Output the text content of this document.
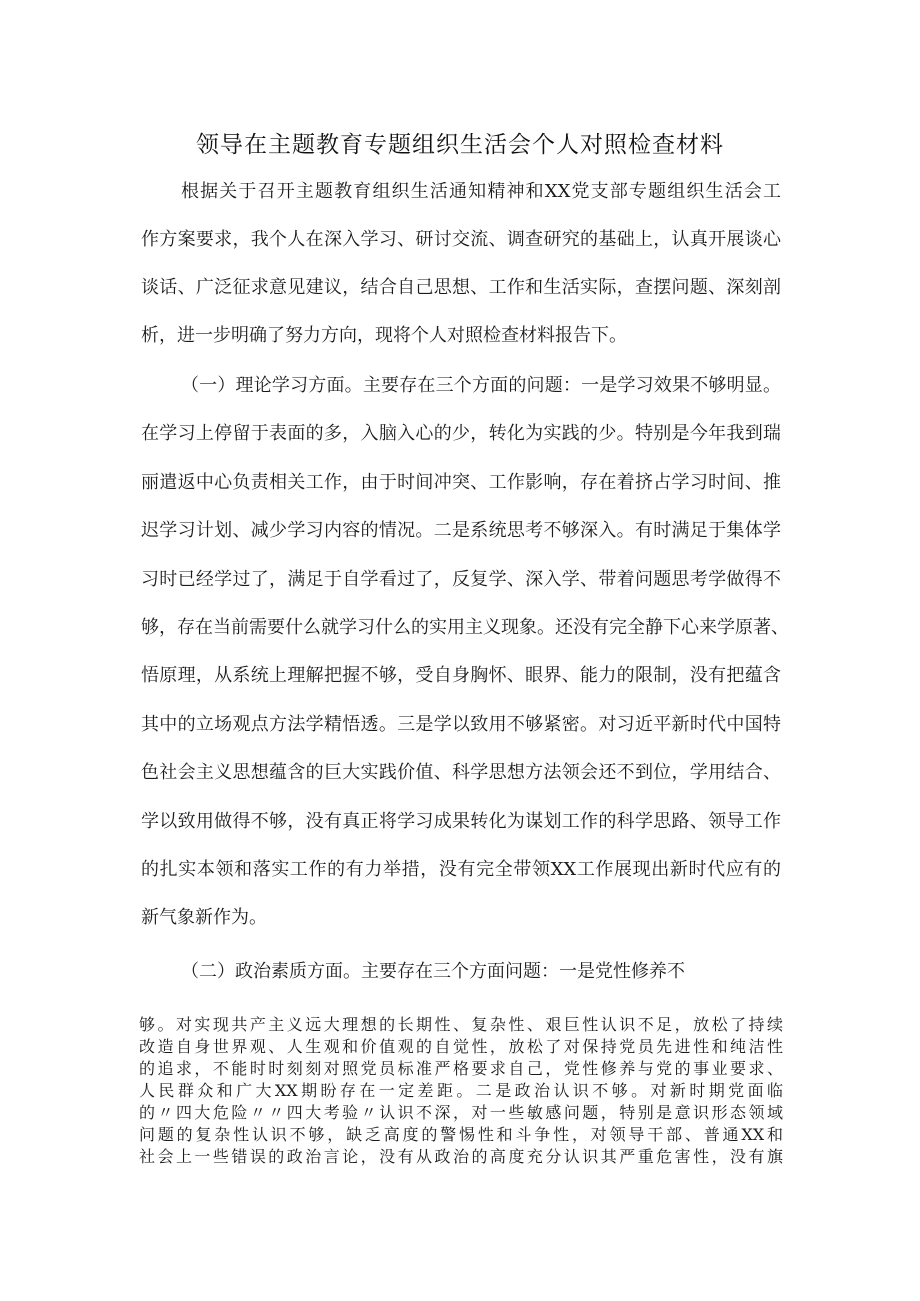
领导在主题教育专题组织生活会个人对照检查材料
根据关于召开主题教育组织生活通知精神和XX党支部专题组织生活会工
作方案要求，我个人在深入学习、研讨交流、调查研究的基础上，认真开展谈心
谈话、广泛征求意见建议，结合自己思想、工作和生活实际，查摆问题、深刻剖
析，进一步明确了努力方向，现将个人对照检查材料报告下。
（一）理论学习方面。主要存在三个方面的问题：一是学习效果不够明显。
在学习上停留于表面的多，入脑入心的少，转化为实践的少。特别是今年我到瑞
丽遣返中心负责相关工作，由于时间冲突、工作影响，存在着挤占学习时间、推
迟学习计划、减少学习内容的情况。二是系统思考不够深入。有时满足于集体学
习时已经学过了，满足于自学看过了，反复学、深入学、带着问题思考学做得不
够，存在当前需要什么就学习什么的实用主义现象。还没有完全静下心来学原著、
悟原理，从系统上理解把握不够，受自身胸怀、眼界、能力的限制，没有把蕴含
其中的立场观点方法学精悟透。三是学以致用不够紧密。对习近平新时代中国特
色社会主义思想蕴含的巨大实践价值、科学思想方法领会还不到位，学用结合、
学以致用做得不够，没有真正将学习成果转化为谋划工作的科学思路、领导工作
的扎实本领和落实工作的有力举措，没有完全带领XX工作展现出新时代应有的
新气象新作为。
（二）政治素质方面。主要存在三个方面问题：一是党性修养不
够。对实现共产主义远大理想的长期性、复杂性、艰巨性认识不足，放松了持续
改造自身世界观、人生观和价值观的自觉性，放松了对保持党员先进性和纯洁性
的追求，不能时时刻刻对照党员标准严格要求自己，党性修养与党的事业要求、
人民群众和广大XX期盼存在一定差距。二是政治认识不够。对新时期党面临
的〃四大危险〃〃四大考验〃认识不深，对一些敏感问题，特别是意识形态领域
问题的复杂性认识不够，缺乏高度的警惕性和斗争性，对领导干部、普通XX和
社会上一些错误的政治言论，没有从政治的高度充分认识其严重危害性，没有旗
